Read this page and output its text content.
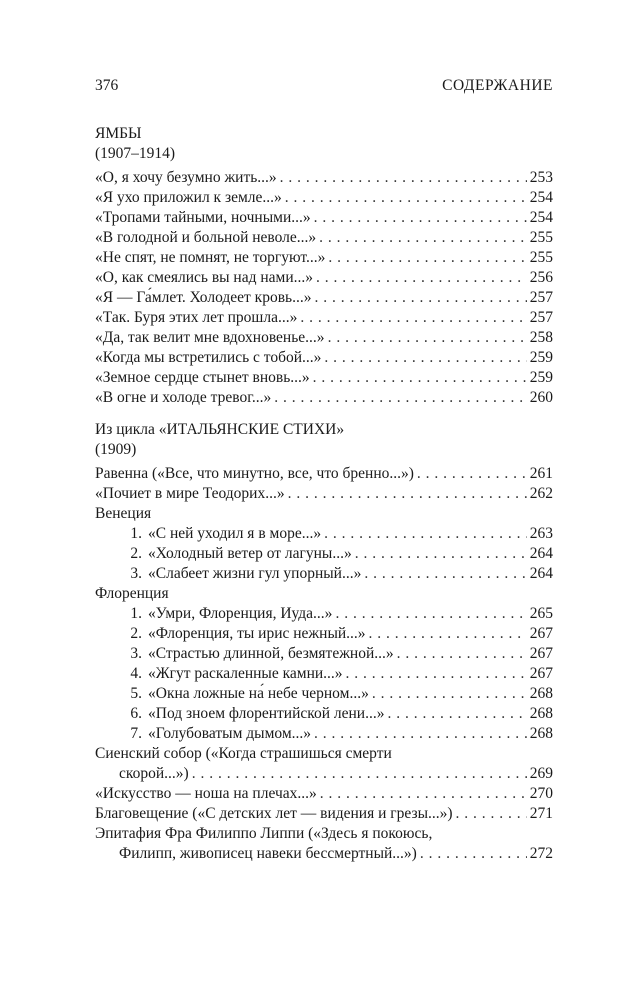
376	СОДЕРЖАНИЕ
ЯМБЫ
(1907–1914)
«О, я хочу безумно жить...» . . .	253
«Я ухо приложил к земле...» . . .	254
«Тропами тайными, ночными...» . . .	254
«В голодной и больной неволе...» . . .	255
«Не спят, не помнят, не торгуют...» . . .	255
«О, как смеялись вы над нами...» . . .	256
«Я — Га́млет. Холодеет кровь...» . . .	257
«Так. Буря этих лет прошла...» . . .	257
«Да, так велит мне вдохновенье...» . . .	258
«Когда мы встретились с тобой...» . . .	259
«Земное сердце стынет вновь...» . . .	259
«В огне и холоде тревог...» . . .	260
Из цикла «ИТАЛЬЯНСКИЕ СТИХИ»
(1909)
Равенна («Все, что минутно, все, что бренно...») . . .	261
«Почиет в мире Теодорих...» . . .	262
Венеция
1. «С ней уходил я в море...» . . .	263
2. «Холодный ветер от лагуны...» . . .	264
3. «Слабеет жизни гул упорный...» . . .	264
Флоренция
1. «Умри, Флоренция, Иуда...» . . .	265
2. «Флоренция, ты ирис нежный...» . . .	267
3. «Страстью длинной, безмятежной...» . . .	267
4. «Жгут раскаленные камни...» . . .	267
5. «Окна ложные на́ небе черном...» . . .	268
6. «Под зноем флорентийской лени...» . . .	268
7. «Голубоватым дымом...» . . .	268
Сиенский собор («Когда страшишься смерти
скорой...») . . .	269
«Искусство — ноша на плечах...» . . .	270
Благовещение («С детских лет — видения и грезы...») . . .	271
Эпитафия Фра Филиппо Липпи («Здесь я покоюсь,
Филипп, живописец навеки бессмертный...») . . .	272
